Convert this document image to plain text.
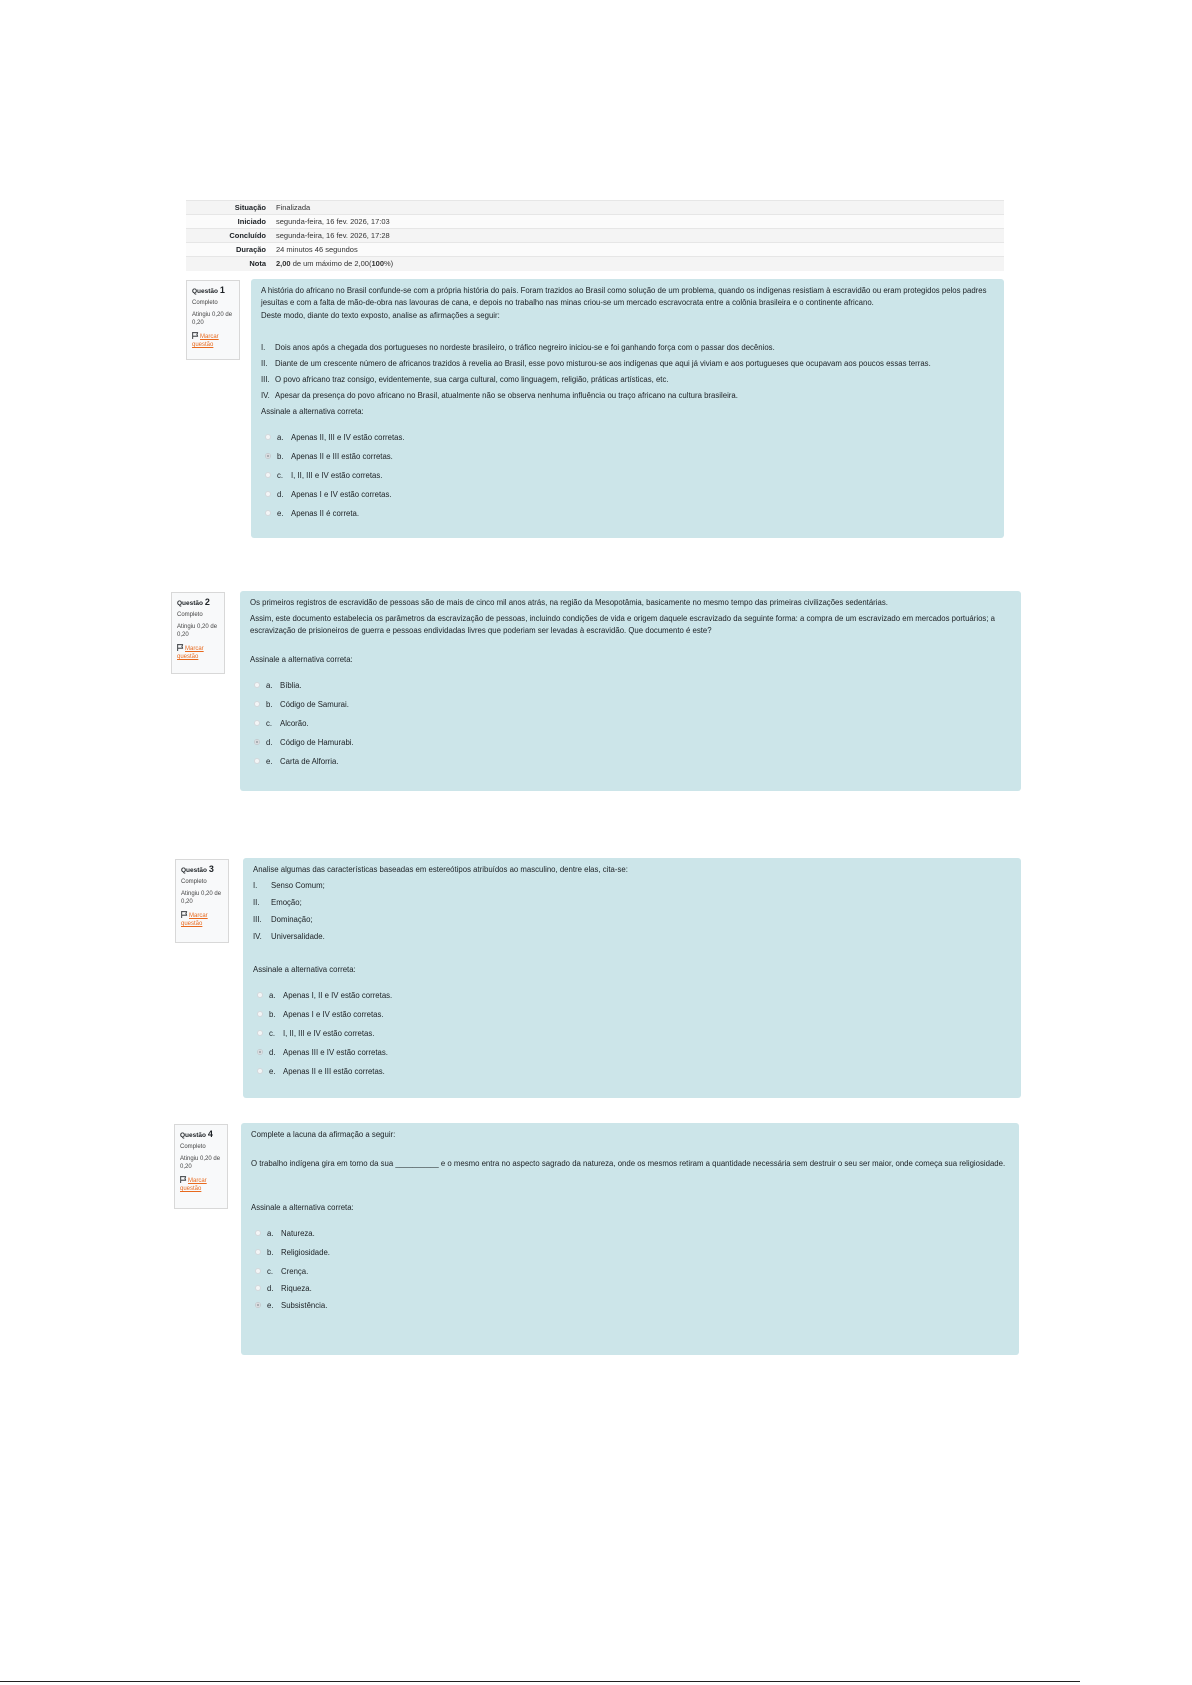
Situação	Finalizada
Iniciado	segunda-feira, 16 fev. 2026, 17:03
Concluído	segunda-feira, 16 fev. 2026, 17:28
Duração	24 minutos 46 segundos
Nota	2,00 de um máximo de 2,00(100%)
Questão 1
Completo
Atingiu 0,20 de 0,20
Marcar questão

A história do africano no Brasil confunde-se com a própria história do país. Foram trazidos ao Brasil como solução de um problema, quando os indígenas resistiam à escravidão ou eram protegidos pelos padres jesuítas e com a falta de mão-de-obra nas lavouras de cana, e depois no trabalho nas minas criou-se um mercado escravocrata entre a colônia brasileira e o continente africano.

Deste modo, diante do texto exposto, analise as afirmações a seguir:

I. Dois anos após a chegada dos portugueses no nordeste brasileiro, o tráfico negreiro iniciou-se e foi ganhando força com o passar dos decênios.

II. Diante de um crescente número de africanos trazidos à revelia ao Brasil, esse povo misturou-se aos indígenas que aqui já viviam e aos portugueses que ocupavam aos poucos essas terras.

III. O povo africano traz consigo, evidentemente, sua carga cultural, como linguagem, religião, práticas artísticas, etc.

IV. Apesar da presença do povo africano no Brasil, atualmente não se observa nenhuma influência ou traço africano na cultura brasileira.

Assinale a alternativa correta:

a. Apenas II, III e IV estão corretas.
b. Apenas II e III estão corretas.
c. I, II, III e IV estão corretas.
d. Apenas I e IV estão corretas.
e. Apenas II é correta.
Questão 2
Completo
Atingiu 0,20 de 0,20
Marcar questão

Os primeiros registros de escravidão de pessoas são de mais de cinco mil anos atrás, na região da Mesopotâmia, basicamente no mesmo tempo das primeiras civilizações sedentárias.

Assim, este documento estabelecia os parâmetros da escravização de pessoas, incluindo condições de vida e origem daquele escravizado da seguinte forma: a compra de um escravizado em mercados portuários; a escravização de prisioneiros de guerra e pessoas endividadas livres que poderiam ser levadas à escravidão. Que documento é este?

Assinale a alternativa correta:

a. Bíblia.
b. Código de Samurai.
c. Alcorão.
d. Código de Hamurabi.
e. Carta de Alforria.
Questão 3
Completo
Atingiu 0,20 de 0,20
Marcar questão

Analise algumas das características baseadas em estereótipos atribuídos ao masculino, dentre elas, cita-se:

I. Senso Comum;

II. Emoção;

III. Dominação;

IV. Universalidade.

Assinale a alternativa correta:

a. Apenas I, II e IV estão corretas.
b. Apenas I e IV estão corretas.
c. I, II, III e IV estão corretas.
d. Apenas III e IV estão corretas.
e. Apenas II e III estão corretas.
Questão 4
Completo
Atingiu 0,20 de 0,20
Marcar questão

Complete a lacuna da afirmação a seguir:

O trabalho indígena gira em torno da sua __________ e o mesmo entra no aspecto sagrado da natureza, onde os mesmos retiram a quantidade necessária sem destruir o seu ser maior, onde começa sua religiosidade.

Assinale a alternativa correta:

a. Natureza.
b. Religiosidade.
c. Crença.
d. Riqueza.
e. Subsistência.
